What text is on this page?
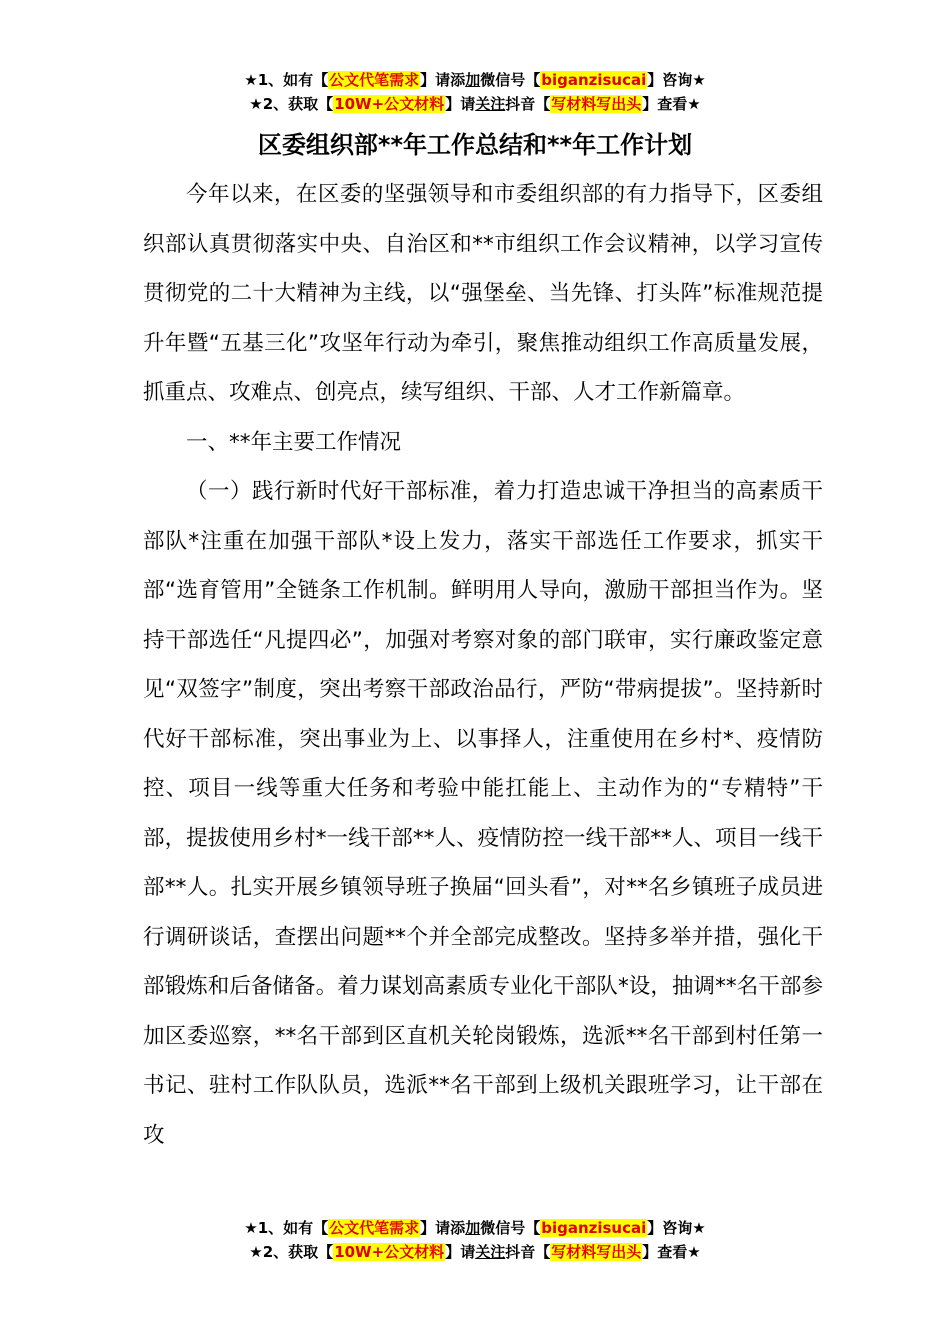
★1、如有【公文代笔需求】请添加微信号【biganzisucai】咨询★
★2、获取【10W+公文材料】请关注抖音【写材料写出头】查看★
区委组织部**年工作总结和**年工作计划

今年以来，在区委的坚强领导和市委组织部的有力指导下，区委组织部认真贯彻落实中央、自治区和**市组织工作会议精神，以学习宣传贯彻党的二十大精神为主线，以“强堡垒、当先锋、打头阵”标准规范提升年暨“五基三化”攻坚年行动为牵引，聚焦推动组织工作高质量发展，抓重点、攻难点、创亮点，续写组织、干部、人才工作新篇章。

一、**年主要工作情况

（一）践行新时代好干部标准，着力打造忠诚干净担当的高素质干部队*注重在加强干部队*设上发力，落实干部选任工作要求，抓实干部“选育管用”全链条工作机制。鲜明用人导向，激励干部担当作为。坚持干部选任“凡提四必”，加强对考察对象的部门联审，实行廉政鉴定意见“双签字”制度，突出考察干部政治品行，严防“带病提拔”。坚持新时代好干部标准，突出事业为上、以事择人，注重使用在乡村*、疫情防控、项目一线等重大任务和考验中能扛能上、主动作为的“专精特”干部，提拔使用乡村*一线干部**人、疫情防控一线干部**人、项目一线干部**人。扎实开展乡镇领导班子换届“回头看”，对**名乡镇班子成员进行调研谈话，查摆出问题**个并全部完成整改。坚持多举并措，强化干部锻炼和后备储备。着力谋划高素质专业化干部队*设，抽调**名干部参加区委巡察，**名干部到区直机关轮岗锻炼，选派**名干部到村任第一书记、驻村工作队队员，选派**名干部到上级机关跟班学习，让干部在攻

★1、如有【公文代笔需求】请添加微信号【biganzisucai】咨询★
★2、获取【10W+公文材料】请关注抖音【写材料写出头】查看★
